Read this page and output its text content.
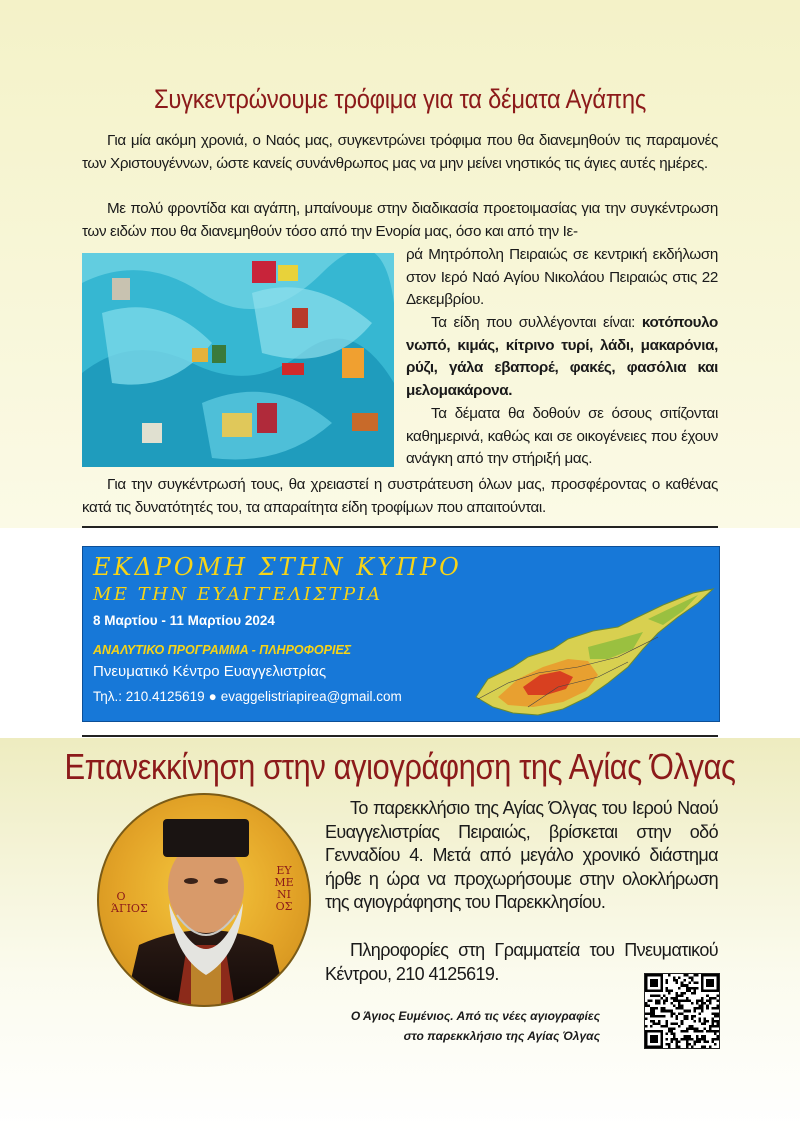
Συγκεντρώνουμε τρόφιμα για τα δέματα Αγάπης

Για μία ακόμη χρονιά, ο Ναός μας, συγκεντρώνει τρόφιμα που θα διανεμηθούν τις παραμονές των Χριστουγέννων, ώστε κανείς συνάνθρωπος μας να μην μείνει νηστικός τις άγιες αυτές ημέρες.

Με πολύ φροντίδα και αγάπη, μπαίνουμε στην διαδικασία προετοιμασίας για την συγκέντρωση των ειδών που θα διανεμηθούν τόσο από την Ενορία μας, όσο και από την Ιε-

ρά Μητρόπολη Πειραιώς σε κεντρική εκδήλωση στον Ιερό Ναό Αγίου Νικολάου Πειραιώς στις 22 Δεκεμβρίου.

Τα είδη που συλλέγονται είναι: κοτόπουλο νωπό, κιμάς, κίτρινο τυρί, λάδι, μακαρόνια, ρύζι, γάλα εβαπορέ, φακές, φασόλια και μελομακάρονα.

Τα δέματα θα δοθούν σε όσους σιτίζονται καθημερινά, καθώς και σε οικογένειες που έχουν ανάγκη από την στήριξή μας.

Για την συγκέντρωσή τους, θα χρειαστεί η συστράτευση όλων μας, προσφέροντας ο καθένας κατά τις δυνατότητές του, τα απαραίτητα είδη τροφίμων που απαιτούνται.

ΕΚΔΡΟΜΗ ΣΤΗΝ ΚΥΠΡΟ
ΜΕ ΤΗΝ ΕΥΑΓΓΕΛΙΣΤΡΙΑ
8 Μαρτίου - 11 Μαρτίου 2024
ΑΝΑΛΥΤΙΚΟ ΠΡΟΓΡΑΜΜΑ - ΠΛΗΡΟΦΟΡΙΕΣ
Πνευματικό Κέντρο Ευαγγελιστρίας
Τηλ.: 210.4125619 ● evaggelistriapirea@gmail.com
Επανεκκίνηση στην αγιογράφηση της Αγίας Όλγας
Ο ΆΓΙΟΣ
ΕΥΜΕΝΙΟΣ

Το παρεκκλήσιο της Αγίας Όλγας του Ιερού Ναού Ευαγγελιστρίας Πειραιώς, βρίσκεται στην οδό Γενναδίου 4. Μετά από μεγάλο χρονικό διάστημα ήρθε η ώρα να προχωρήσουμε στην ολοκλήρωση της αγιογράφησης του Παρεκκλησίου.

Πληροφορίες στη Γραμματεία του Πνευματικού Κέντρου, 210 4125619.

Ο Άγιος Ευμένιος. Από τις νέες αγιογραφίες
στο παρεκκλήσιο της Αγίας Όλγας
